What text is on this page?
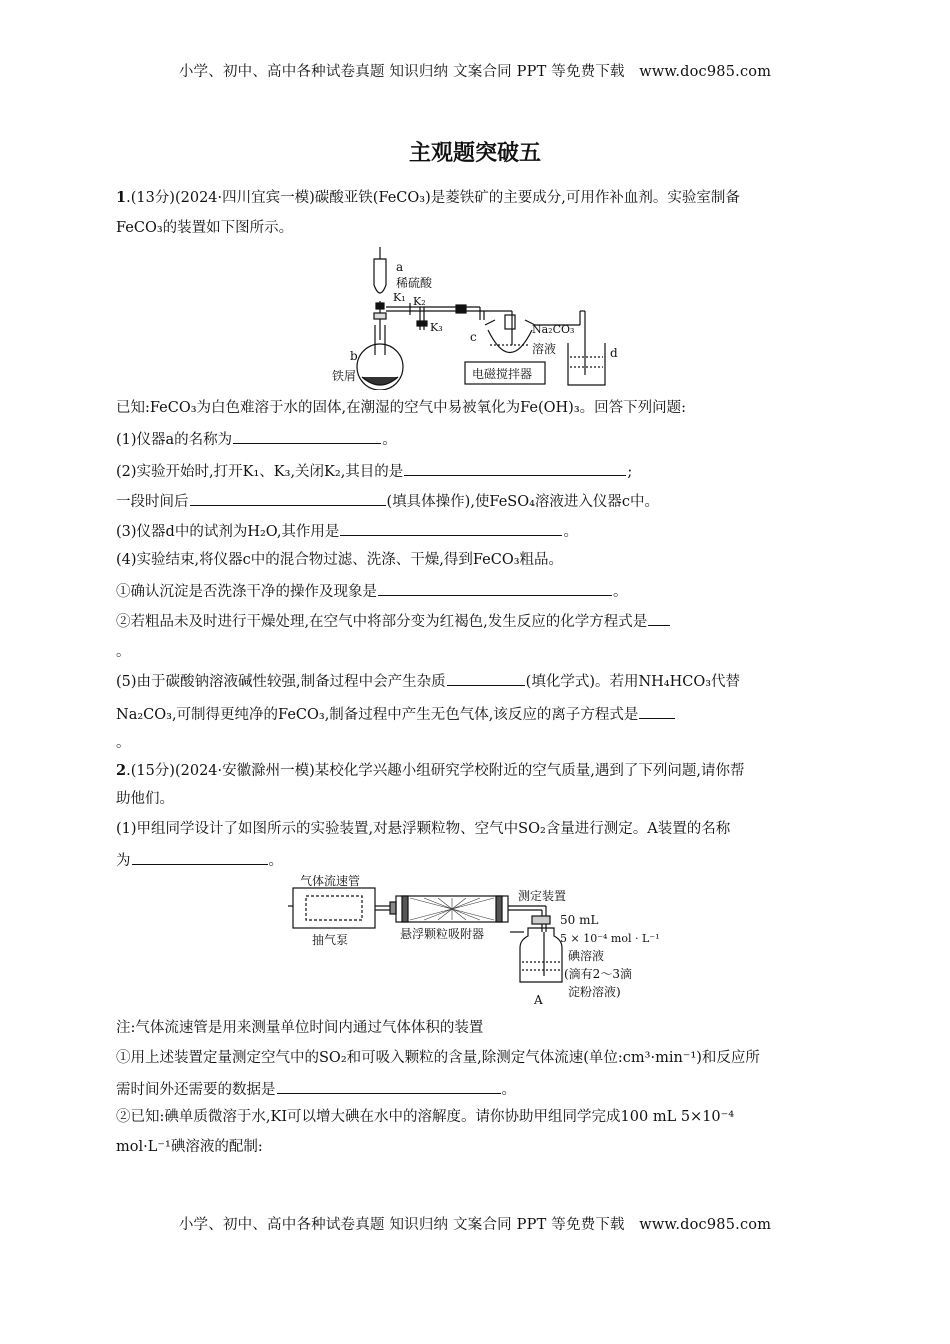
小学、初中、高中各种试卷真题 知识归纳 文案合同 PPT 等免费下载 www.doc985.com
主观题突破五
1.(13分)(2024·四川宜宾一模)碳酸亚铁(FeCO₃)是菱铁矿的主要成分,可用作补血剂。实验室制备
FeCO₃的装置如下图所示。
a
稀硫酸
K₁ K₂
K₃
b
铁屑
c
Na₂CO₃
溶液	d
电磁搅拌器
已知:FeCO₃为白色难溶于水的固体,在潮湿的空气中易被氧化为Fe(OH)₃。回答下列问题:
(1)仪器a的名称为	。
(2)实验开始时,打开K₁、K₃,关闭K₂,其目的是	;
一段时间后	(填具体操作),使FeSO₄溶液进入仪器c中。
(3)仪器d中的试剂为H₂O,其作用是	。
(4)实验结束,将仪器c中的混合物过滤、洗涤、干燥,得到FeCO₃粗品。
①确认沉淀是否洗涤干净的操作及现象是	。
②若粗品未及时进行干燥处理,在空气中将部分变为红褐色,发生反应的化学方程式是
。
(5)由于碳酸钠溶液碱性较强,制备过程中会产生杂质	(填化学式)。若用NH₄HCO₃代替
Na₂CO₃,可制得更纯净的FeCO₃,制备过程中产生无色气体,该反应的离子方程式是
。
2.(15分)(2024·安徽滁州一模)某校化学兴趣小组研究学校附近的空气质量,遇到了下列问题,请你帮
助他们。
(1)甲组同学设计了如图所示的实验装置,对悬浮颗粒物、空气中SO₂含量进行测定。A装置的名称
为	。
气体流速管
抽气泵	悬浮颗粒吸附器
测定装置
50 mL
5 × 10⁻⁴ mol · L⁻¹
碘溶液
(滴有2～3滴
淀粉溶液)
A
注:气体流速管是用来测量单位时间内通过气体体积的装置
①用上述装置定量测定空气中的SO₂和可吸入颗粒的含量,除测定气体流速(单位:cm³·min⁻¹)和反应所
需时间外还需要的数据是	。
②已知:碘单质微溶于水,KI可以增大碘在水中的溶解度。请你协助甲组同学完成100 mL 5×10⁻⁴
mol·L⁻¹碘溶液的配制:
小学、初中、高中各种试卷真题 知识归纳 文案合同 PPT 等免费下载 www.doc985.com
